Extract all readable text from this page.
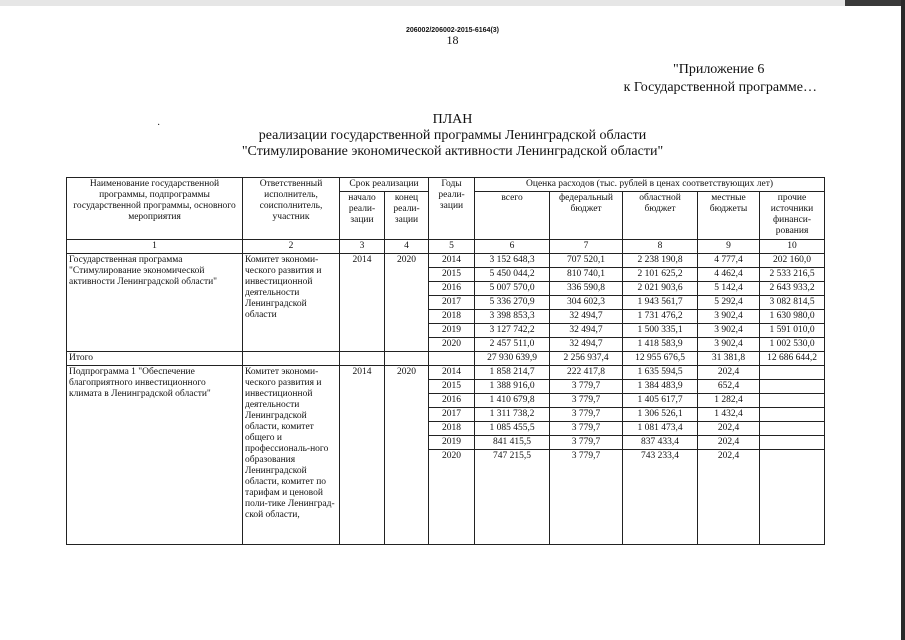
206002/206002-2015-6164(3)
18
"Приложение 6
к Государственной программе…
·	ПЛАН
реализации государственной программы Ленинградской области
"Стимулирование экономической активности Ленинградской области"
Наименование государственной программы, подпрограммы государственной программы, основного мероприятия	Ответственный исполнитель, соисполнитель, участник	Срок реализации		Годы реали-зации	Оценка расходов (тыс. рублей в ценах соответствующих лет)				
		начало реали-зации	конец реали-зации		всего	федеральный бюджет	областной бюджет	местные бюджеты	прочие источники финанси-рования
1	2	3	4	5	6	7	8	9	10
Государственная программа "Стимулирование экономической активности Ленинградской области"	Комитет экономи-ческого развития и инвестиционной деятельности Ленинградской области	2014	2020	2014	3 152 648,3	707 520,1	2 238 190,8	4 777,4	202 160,0
				2015	5 450 044,2	810 740,1	2 101 625,2	4 462,4	2 533 216,5
				2016	5 007 570,0	336 590,8	2 021 903,6	5 142,4	2 643 933,2
				2017	5 336 270,9	304 602,3	1 943 561,7	5 292,4	3 082 814,5
				2018	3 398 853,3	32 494,7	1 731 476,2	3 902,4	1 630 980,0
				2019	3 127 742,2	32 494,7	1 500 335,1	3 902,4	1 591 010,0
				2020	2 457 511,0	32 494,7	1 418 583,9	3 902,4	1 002 530,0
Итого					27 930 639,9	2 256 937,4	12 955 676,5	31 381,8	12 686 644,2
Подпрограмма 1 "Обеспечение благоприятного инвестиционного климата в Ленинградской области"	Комитет экономи-ческого развития и инвестиционной деятельности Ленинградской области, комитет общего и профессиональ-ного образования Ленинградской области, комитет по тарифам и ценовой поли-тике Ленинград-ской области,	2014	2020	2014	1 858 214,7	222 417,8	1 635 594,5	202,4	
				2015	1 388 916,0	3 779,7	1 384 483,9	652,4	
				2016	1 410 679,8	3 779,7	1 405 617,7	1 282,4	
				2017	1 311 738,2	3 779,7	1 306 526,1	1 432,4	
				2018	1 085 455,5	3 779,7	1 081 473,4	202,4	
				2019	841 415,5	3 779,7	837 433,4	202,4	
				2020	747 215,5	3 779,7	743 233,4	202,4	
